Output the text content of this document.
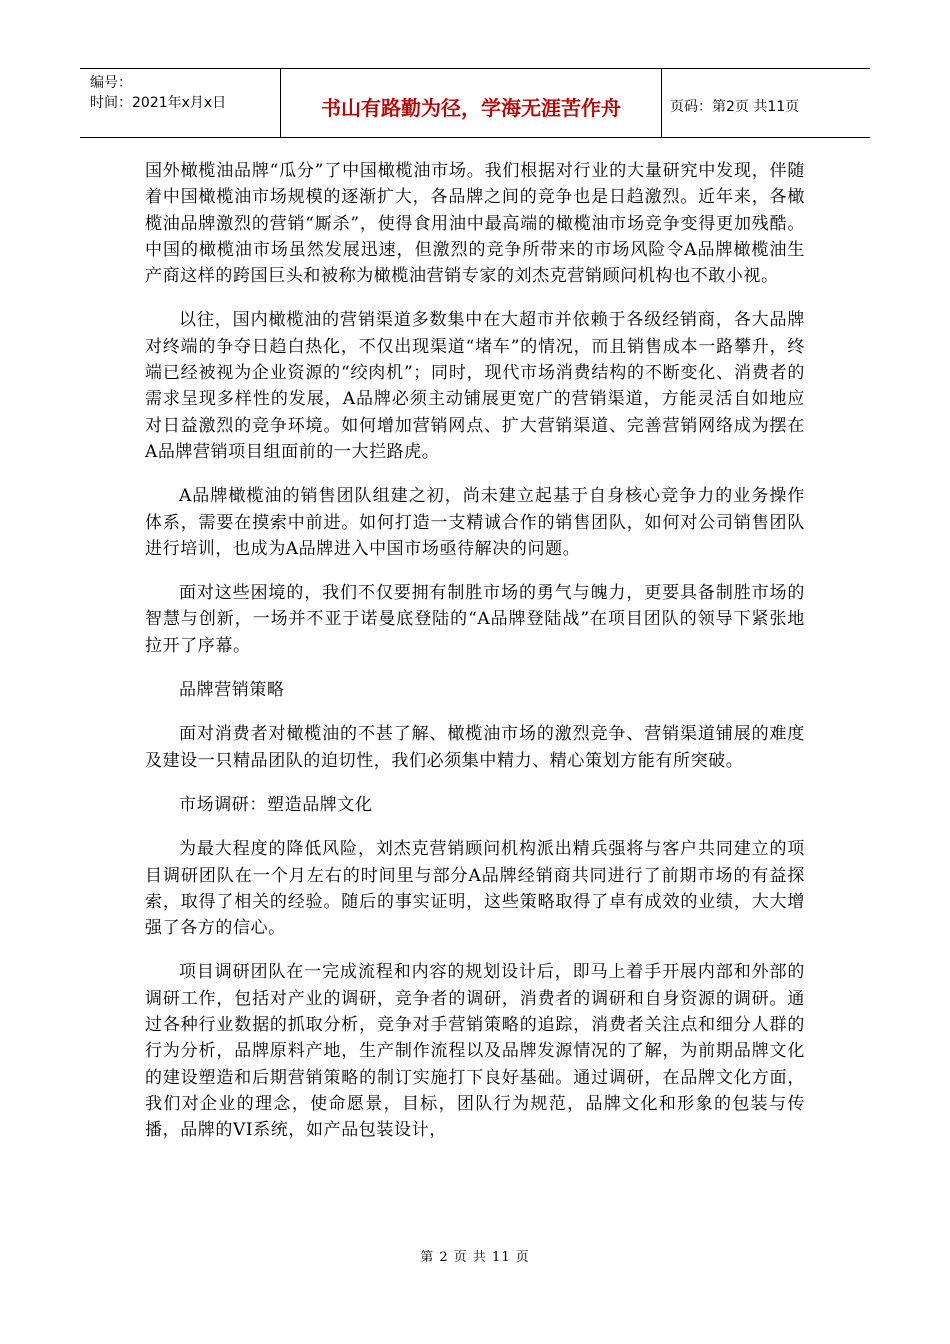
编号：
时间：2021年x月x日	书山有路勤为径，学海无涯苦作舟	页码：第2页 共11页

国外橄榄油品牌“瓜分”了中国橄榄油市场。我们根据对行业的大量研究中发现，伴随着中国橄榄油市场规模的逐渐扩大，各品牌之间的竞争也是日趋激烈。近年来，各橄榄油品牌激烈的营销“厮杀”，使得食用油中最高端的橄榄油市场竞争变得更加残酷。中国的橄榄油市场虽然发展迅速，但激烈的竞争所带来的市场风险令A品牌橄榄油生产商这样的跨国巨头和被称为橄榄油营销专家的刘杰克营销顾问机构也不敢小视。

以往，国内橄榄油的营销渠道多数集中在大超市并依赖于各级经销商，各大品牌对终端的争夺日趋白热化，不仅出现渠道“堵车”的情况，而且销售成本一路攀升，终端已经被视为企业资源的“绞肉机”；同时，现代市场消费结构的不断变化、消费者的需求呈现多样性的发展，A品牌必须主动铺展更宽广的营销渠道，方能灵活自如地应对日益激烈的竞争环境。如何增加营销网点、扩大营销渠道、完善营销网络成为摆在A品牌营销项目组面前的一大拦路虎。

A品牌橄榄油的销售团队组建之初，尚未建立起基于自身核心竞争力的业务操作体系，需要在摸索中前进。如何打造一支精诚合作的销售团队，如何对公司销售团队进行培训，也成为A品牌进入中国市场亟待解决的问题。

面对这些困境的，我们不仅要拥有制胜市场的勇气与魄力，更要具备制胜市场的智慧与创新，一场并不亚于诺曼底登陆的“A品牌登陆战”在项目团队的领导下紧张地拉开了序幕。

品牌营销策略

面对消费者对橄榄油的不甚了解、橄榄油市场的激烈竞争、营销渠道铺展的难度及建设一只精品团队的迫切性，我们必须集中精力、精心策划方能有所突破。

市场调研：塑造品牌文化

为最大程度的降低风险，刘杰克营销顾问机构派出精兵强将与客户共同建立的项目调研团队在一个月左右的时间里与部分A品牌经销商共同进行了前期市场的有益探索，取得了相关的经验。随后的事实证明，这些策略取得了卓有成效的业绩，大大增强了各方的信心。

项目调研团队在一完成流程和内容的规划设计后，即马上着手开展内部和外部的调研工作，包括对产业的调研，竞争者的调研，消费者的调研和自身资源的调研。通过各种行业数据的抓取分析，竞争对手营销策略的追踪，消费者关注点和细分人群的行为分析，品牌原料产地，生产制作流程以及品牌发源情况的了解，为前期品牌文化的建设塑造和后期营销策略的制订实施打下良好基础。通过调研，在品牌文化方面，我们对企业的理念，使命愿景，目标，团队行为规范，品牌文化和形象的包装与传播，品牌的VI系统，如产品包装设计，

第 2 页 共 11 页
